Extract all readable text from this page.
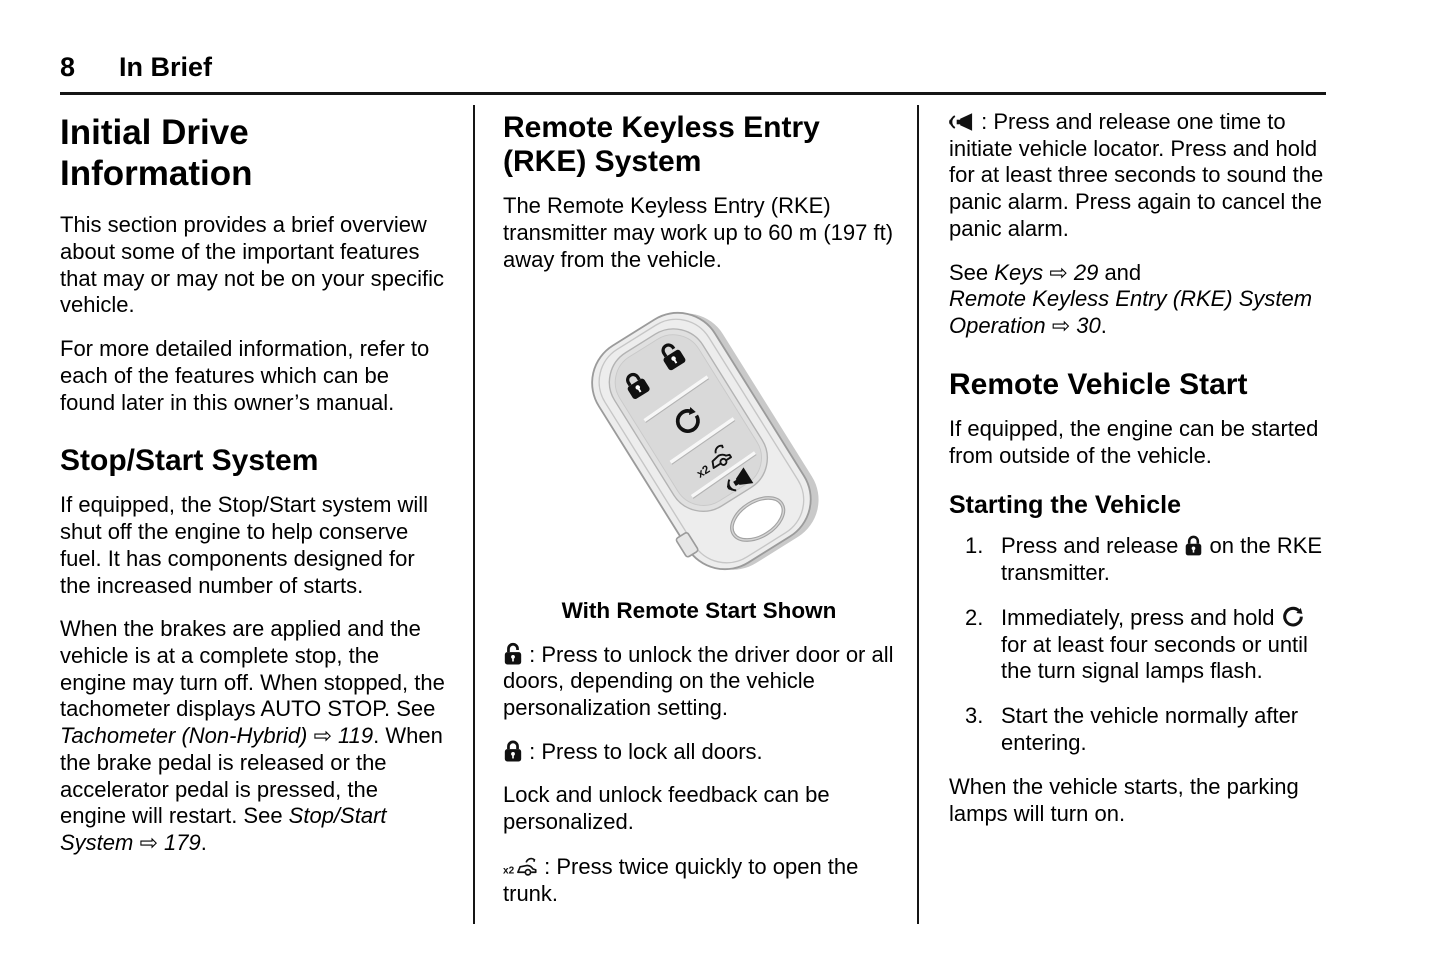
8 In Brief
Initial Drive Information

This section provides a brief overview about some of the important features that may or may not be on your specific vehicle.

For more detailed information, refer to each of the features which can be found later in this owner’s manual.

Stop/Start System

If equipped, the Stop/Start system will shut off the engine to help conserve fuel. It has components designed for the increased number of starts.

When the brakes are applied and the vehicle is at a complete stop, the engine may turn off. When stopped, the tachometer displays AUTO STOP. See Tachometer (Non-Hybrid) ⇨ 119. When the brake pedal is released or the accelerator pedal is pressed, the engine will restart. See Stop/Start System ⇨ 179.

Remote Keyless Entry (RKE) System

The Remote Keyless Entry (RKE) transmitter may work up to 60 m (197 ft) away from the vehicle.

With Remote Start Shown

: Press to unlock the driver door or all doors, depending on the vehicle personalization setting.

: Press to lock all doors.

Lock and unlock feedback can be personalized.

: Press twice quickly to open the trunk.

: Press and release one time to initiate vehicle locator. Press and hold for at least three seconds to sound the panic alarm. Press again to cancel the panic alarm.

See Keys ⇨ 29 and
Remote Keyless Entry (RKE) System Operation ⇨ 30.

Remote Vehicle Start

If equipped, the engine can be started from outside of the vehicle.

Starting the Vehicle
1. Press and release  on the RKE transmitter.
2. Immediately, press and hold  for at least four seconds or until the turn signal lamps flash.
3. Start the vehicle normally after entering.

When the vehicle starts, the parking lamps will turn on.
